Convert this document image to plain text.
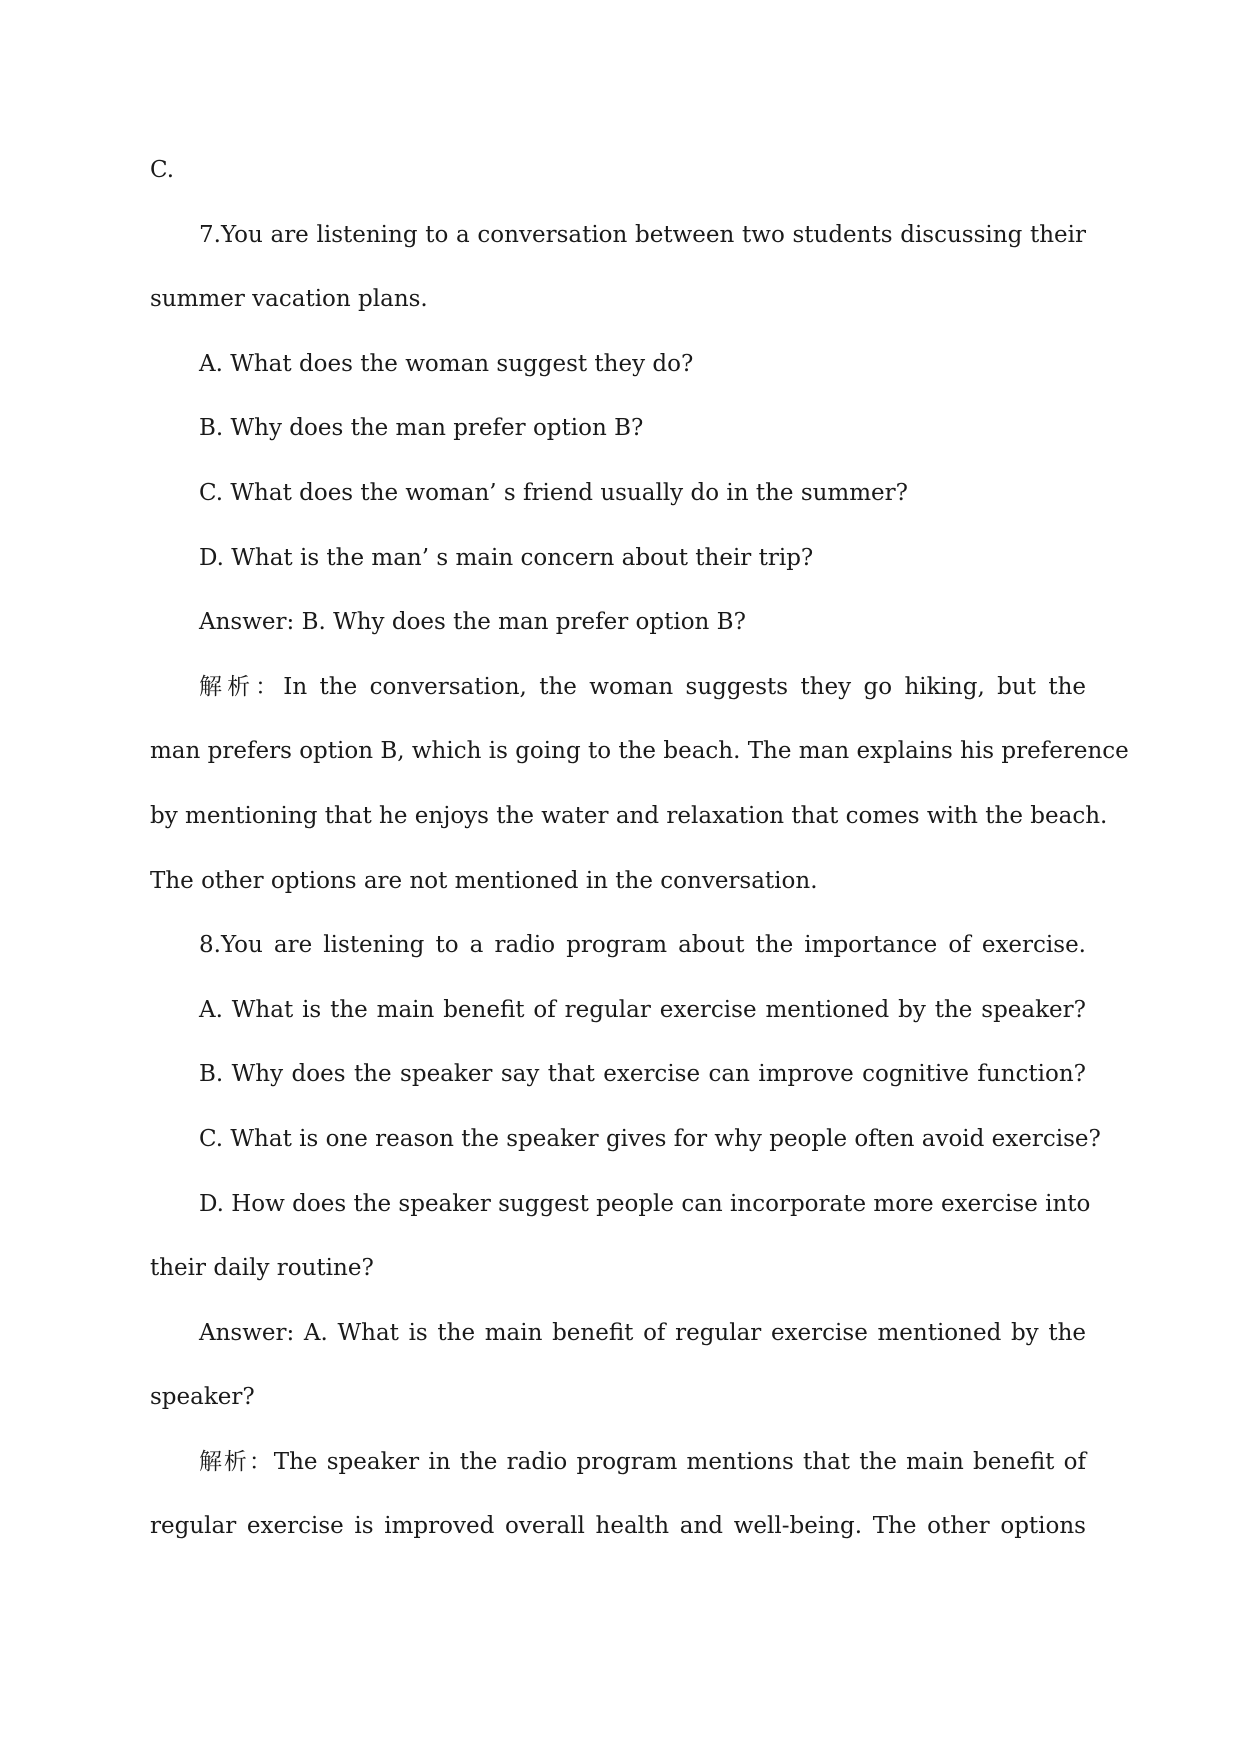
C.
7.You are listening to a conversation between two students discussing their
summer vacation plans.
A. What does the woman suggest they do?
B. Why does the man prefer option B?
C. What does the woman’ s friend usually do in the summer?
D. What is the man’ s main concern about their trip?
Answer: B. Why does the man prefer option B?
解析：In the conversation, the woman suggests they go hiking, but the
man prefers option B, which is going to the beach. The man explains his preference
by mentioning that he enjoys the water and relaxation that comes with the beach.
The other options are not mentioned in the conversation.
8.You are listening to a radio program about the importance of exercise.
A. What is the main benefit of regular exercise mentioned by the speaker?
B. Why does the speaker say that exercise can improve cognitive function?
C. What is one reason the speaker gives for why people often avoid exercise?
D. How does the speaker suggest people can incorporate more exercise into
their daily routine?
Answer: A. What is the main benefit of regular exercise mentioned by the
speaker?
解析：The speaker in the radio program mentions that the main benefit of
regular exercise is improved overall health and well-being. The other options
